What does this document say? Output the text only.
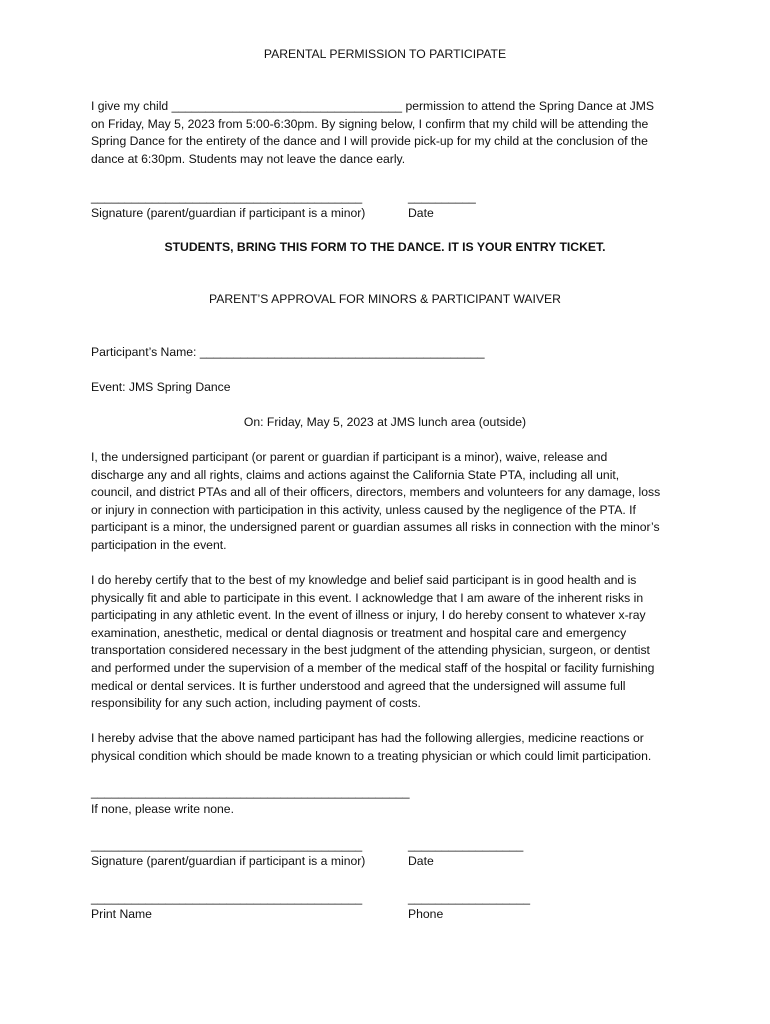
PARENTAL PERMISSION TO PARTICIPATE
I give my child __________________________________ permission to attend the Spring Dance at JMS
on Friday, May 5, 2023 from 5:00-6:30pm. By signing below, I confirm that my child will be attending the
Spring Dance for the entirety of the dance and I will provide pick-up for my child at the conclusion of the
dance at 6:30pm. Students may not leave the dance early.
________________________________________	__________
Signature (parent/guardian if participant is a minor)	Date
STUDENTS, BRING THIS FORM TO THE DANCE. IT IS YOUR ENTRY TICKET.
PARENT’S APPROVAL FOR MINORS & PARTICIPANT WAIVER
Participant’s Name: __________________________________________
Event: JMS Spring Dance
On: Friday, May 5, 2023 at JMS lunch area (outside)
I, the undersigned participant (or parent or guardian if participant is a minor), waive, release and
discharge any and all rights, claims and actions against the California State PTA, including all unit,
council, and district PTAs and all of their officers, directors, members and volunteers for any damage, loss
or injury in connection with participation in this activity, unless caused by the negligence of the PTA. If
participant is a minor, the undersigned parent or guardian assumes all risks in connection with the minor’s
participation in the event.
I do hereby certify that to the best of my knowledge and belief said participant is in good health and is
physically fit and able to participate in this event. I acknowledge that I am aware of the inherent risks in
participating in any athletic event. In the event of illness or injury, I do hereby consent to whatever x-ray
examination, anesthetic, medical or dental diagnosis or treatment and hospital care and emergency
transportation considered necessary in the best judgment of the attending physician, surgeon, or dentist
and performed under the supervision of a member of the medical staff of the hospital or facility furnishing
medical or dental services. It is further understood and agreed that the undersigned will assume full
responsibility for any such action, including payment of costs.
I hereby advise that the above named participant has had the following allergies, medicine reactions or
physical condition which should be made known to a treating physician or which could limit participation.
_______________________________________________
If none, please write none.
________________________________________	_________________
Signature (parent/guardian if participant is a minor)	Date
________________________________________	__________________
Print Name	Phone
